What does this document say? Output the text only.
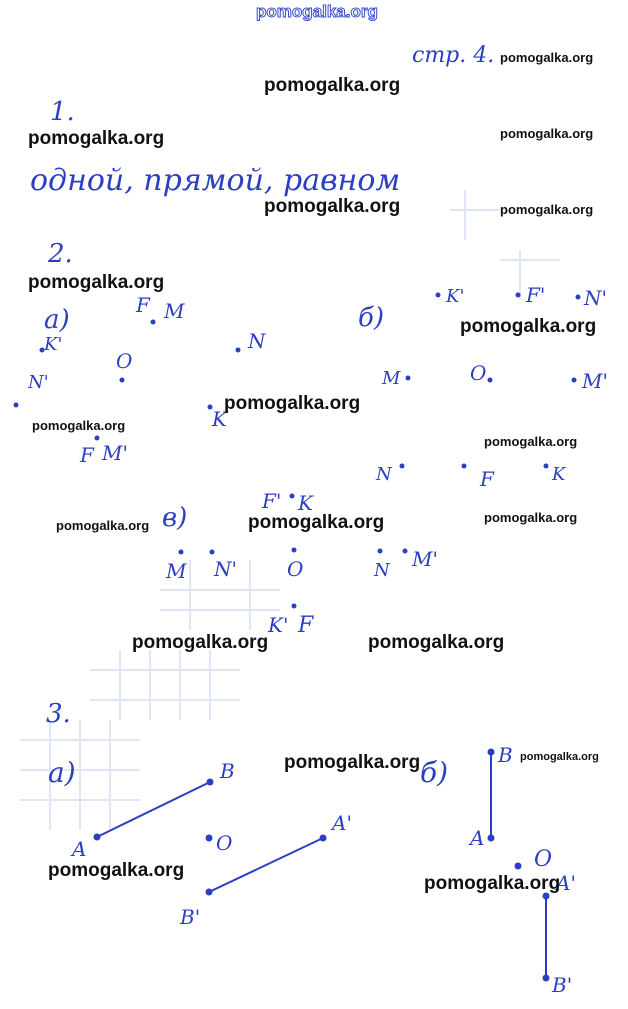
pomogalka.org
стр. 4.
1.
одной, прямой, равном
2.
а)	F M
K'
N'
O
N
K
F M'
б)
K'	F' N'
M	O	M'
N	F	K
в)
F' K
M N'	O	N M'
K' F
3.
а)
A
B
O
A'
B'
б)
B
A
O
A'
B'
pomogalka.org
pomogalka.org
pomogalka.org	pomogalka.org
pomogalka.org	pomogalka.org
pomogalka.org
pomogalka.org
pomogalka.org
pomogalka.org
pomogalka.org
pomogalka.org
pomogalka.org	pomogalka.org
pomogalka.org	pomogalka.org
pomogalka.org	pomogalka.org
pomogalka.org
pomogalka.org
